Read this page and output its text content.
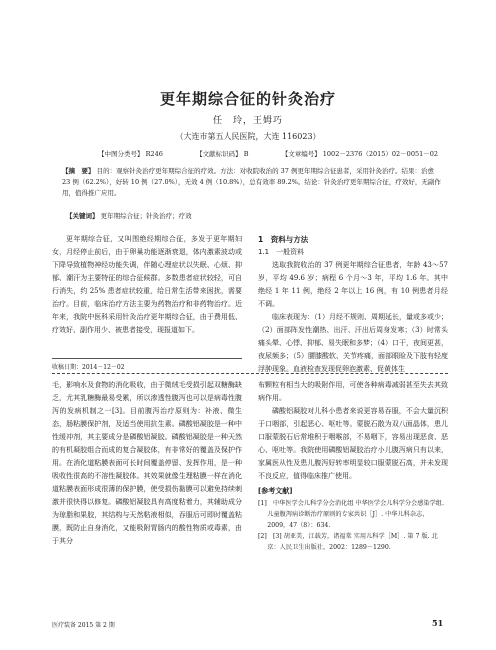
更年期综合征的针灸治疗
任　玲，王姆巧
（大连市第五人民医院，大连 116023）
【中图分类号】 R246	【文献标识码】 B	【文章编号】 1002－2376（2015）02－0051－02
【摘　要】 目的：观察针灸治疗更年期综合征的疗效。方法：对收院收治的 37 例更年期综合征患者，采用针灸治疗。结果：治愈 23 例（62.2%），好转 10 例（27.0%），无效 4 例（10.8%），总有效率 89.2%。结论：针灸治疗更年期综合征，疗效好，无副作用，值得推广应用。
【关键词】 更年期综合征；针灸治疗；疗效

更年期综合征，又叫围绝经期综合征，多发于更年期妇女，月经停止前后，由于卵巢功能逐渐衰退，体内激素波动或下降导致植物神经功能失调，伴随心理症状以失眠、心烦、抑郁、潮汗为主要特征的综合征候群。多数患者症状较轻，可自行消失，约 25% 患者症状较重，给日常生活带来困扰，需要治疗。目前，临床治疗方法主要为药物治疗和非药物治疗。近年来，我院中医科采用针灸治疗更年期综合征，由于费用低、疗效好、副作用少、被患者接受，现报道如下。

收稿日期：2014－12－02

1　资料与方法

1.1　一般资料

选取我院收治的 37 例更年期综合征患者，年龄 43～57 岁，平均 49.6 岁；病程 6 个月～3 年，平均 1.6 年。其中绝经 1 年 11 例，绝经 2 年以上 16 例，有 10 例患者月经不调。

临床表现为：（1）月经不规则、周期延长，量或多或少；（2）面部阵发性潮热、出汗、汗出后周身发寒；（3）时常头痛头晕、心悸、抑郁、易失眠和多梦；（4）口干，夜间更甚，夜尿频多；（5）腰膝酸软、关节疼痛，面部眼睑及下肢有轻度浮肿现象。血液检查发现促卵泡激素、促黄体生

毛，影响水及食物的消化吸收，由于微绒毛受损引起双糖酶缺乏，尤其乳糖酶最易受累，所以渗透性腹泻也可以是病毒性腹泻的发病机制之一[3]。目前腹泻治疗原则为：补液、微生态，肠粘膜保护剂，及适当使用抗生素。磷酸铝凝胶是一种中性缓冲剂，其主要成分是磷酸铝凝胶。磷酸铝凝胶是一种天然的有机凝胶组合而成的复合凝胶体，有非常好的覆盖及保护作用。在消化道粘膜表面可长时间覆盖停留、发挥作用，是一种吸收性很高的不溶性凝胶体。其效果就像生理粘膜一样在消化道粘膜表面形成很薄的保护膜，使受损伤黏膜可以避免持续刺激并很快得以修复。磷酸铝凝胶具有高度粘着力，其辅助成分为琼脂和果胶，其结构与天然粘液相似，吞服后可即时覆盖粘膜，既防止自身消化，又能吸附胃肠内的酸性物质或毒素，由于其分

布颗粒有相当大的吸附作用，可使各种病毒减弱甚至失去其致病作用。

磷酸铝凝胶对儿科小患者来说更容易吞服，不会大量沉积于口咽部，引起恶心、呕吐等。蒙脱石散为双八面晶体，患儿口服蒙脱石后常堆积于咽喉部，不易咽下，容易出现恶食、恶心、呕吐等。我院使用磷酸铝凝胶治疗小儿腹泻病只有以来，家属医从性及患儿腹泻好转率明显较口服蒙脱石高，并未发现不良反应，值得临床推广使用。

[参考文献]
[1]　中华医学会儿科学分会消化组 中华医学会儿科学分会感染学组. 儿童腹泻病诊断治疗原则的专家共识［J］. 中华儿科杂志，2009，47（8）：634.
[2]　[3] 胡亚美，江载芳，诸福棠 实用儿科学［M］. 第 7 版. 北京：人民卫生出版社，2002：1289－1290.
医疗装备 2015 第 2 期	51
